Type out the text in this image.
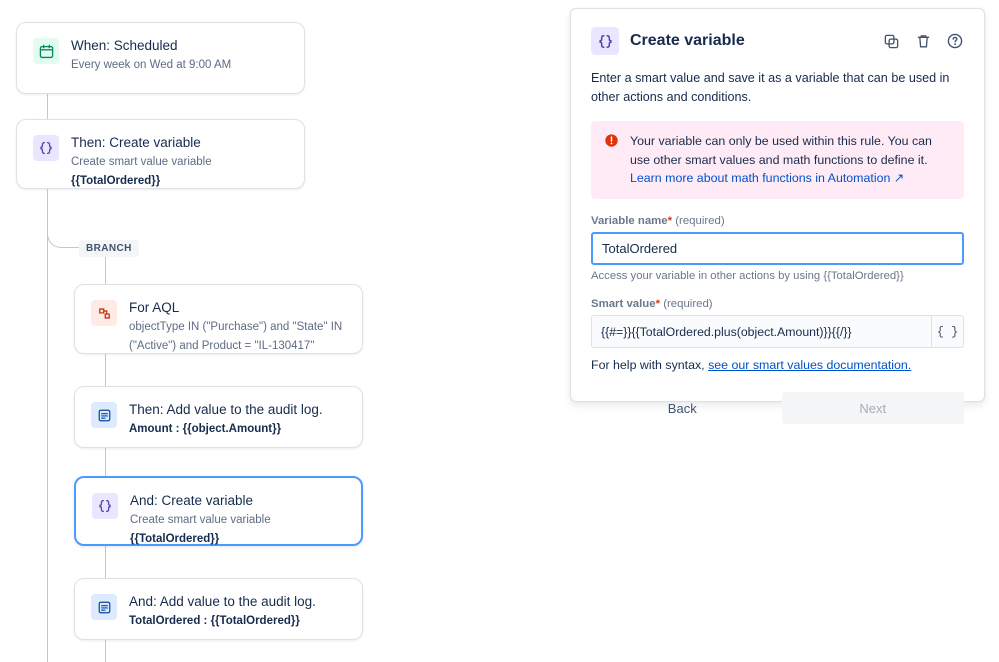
BRANCH
When: Scheduled
Every week on Wed at 9:00 AM
Then: Create variable
Create smart value variable
{{TotalOrdered}}
For AQL
objectType IN ("Purchase") and "State" IN
("Active") and Product = "IL-130417"
Then: Add value to the audit log.
Amount : {{object.Amount}}
And: Create variable
Create smart value variable
{{TotalOrdered}}
And: Add value to the audit log.
TotalOrdered : {{TotalOrdered}}
Create variable
Enter a smart value and save it as a variable that can be used in other actions and conditions.
Your variable can only be used within this rule. You can use other smart values and math functions to define it. Learn more about math functions in Automation ↗
Variable name* (required)
TotalOrdered
Access your variable in other actions by using {{TotalOrdered}}
Smart value* (required)
{{#=}}{{TotalOrdered.plus(object.Amount)}}{{/}}
{ }
For help with syntax, see our smart values documentation.
Back	Next
